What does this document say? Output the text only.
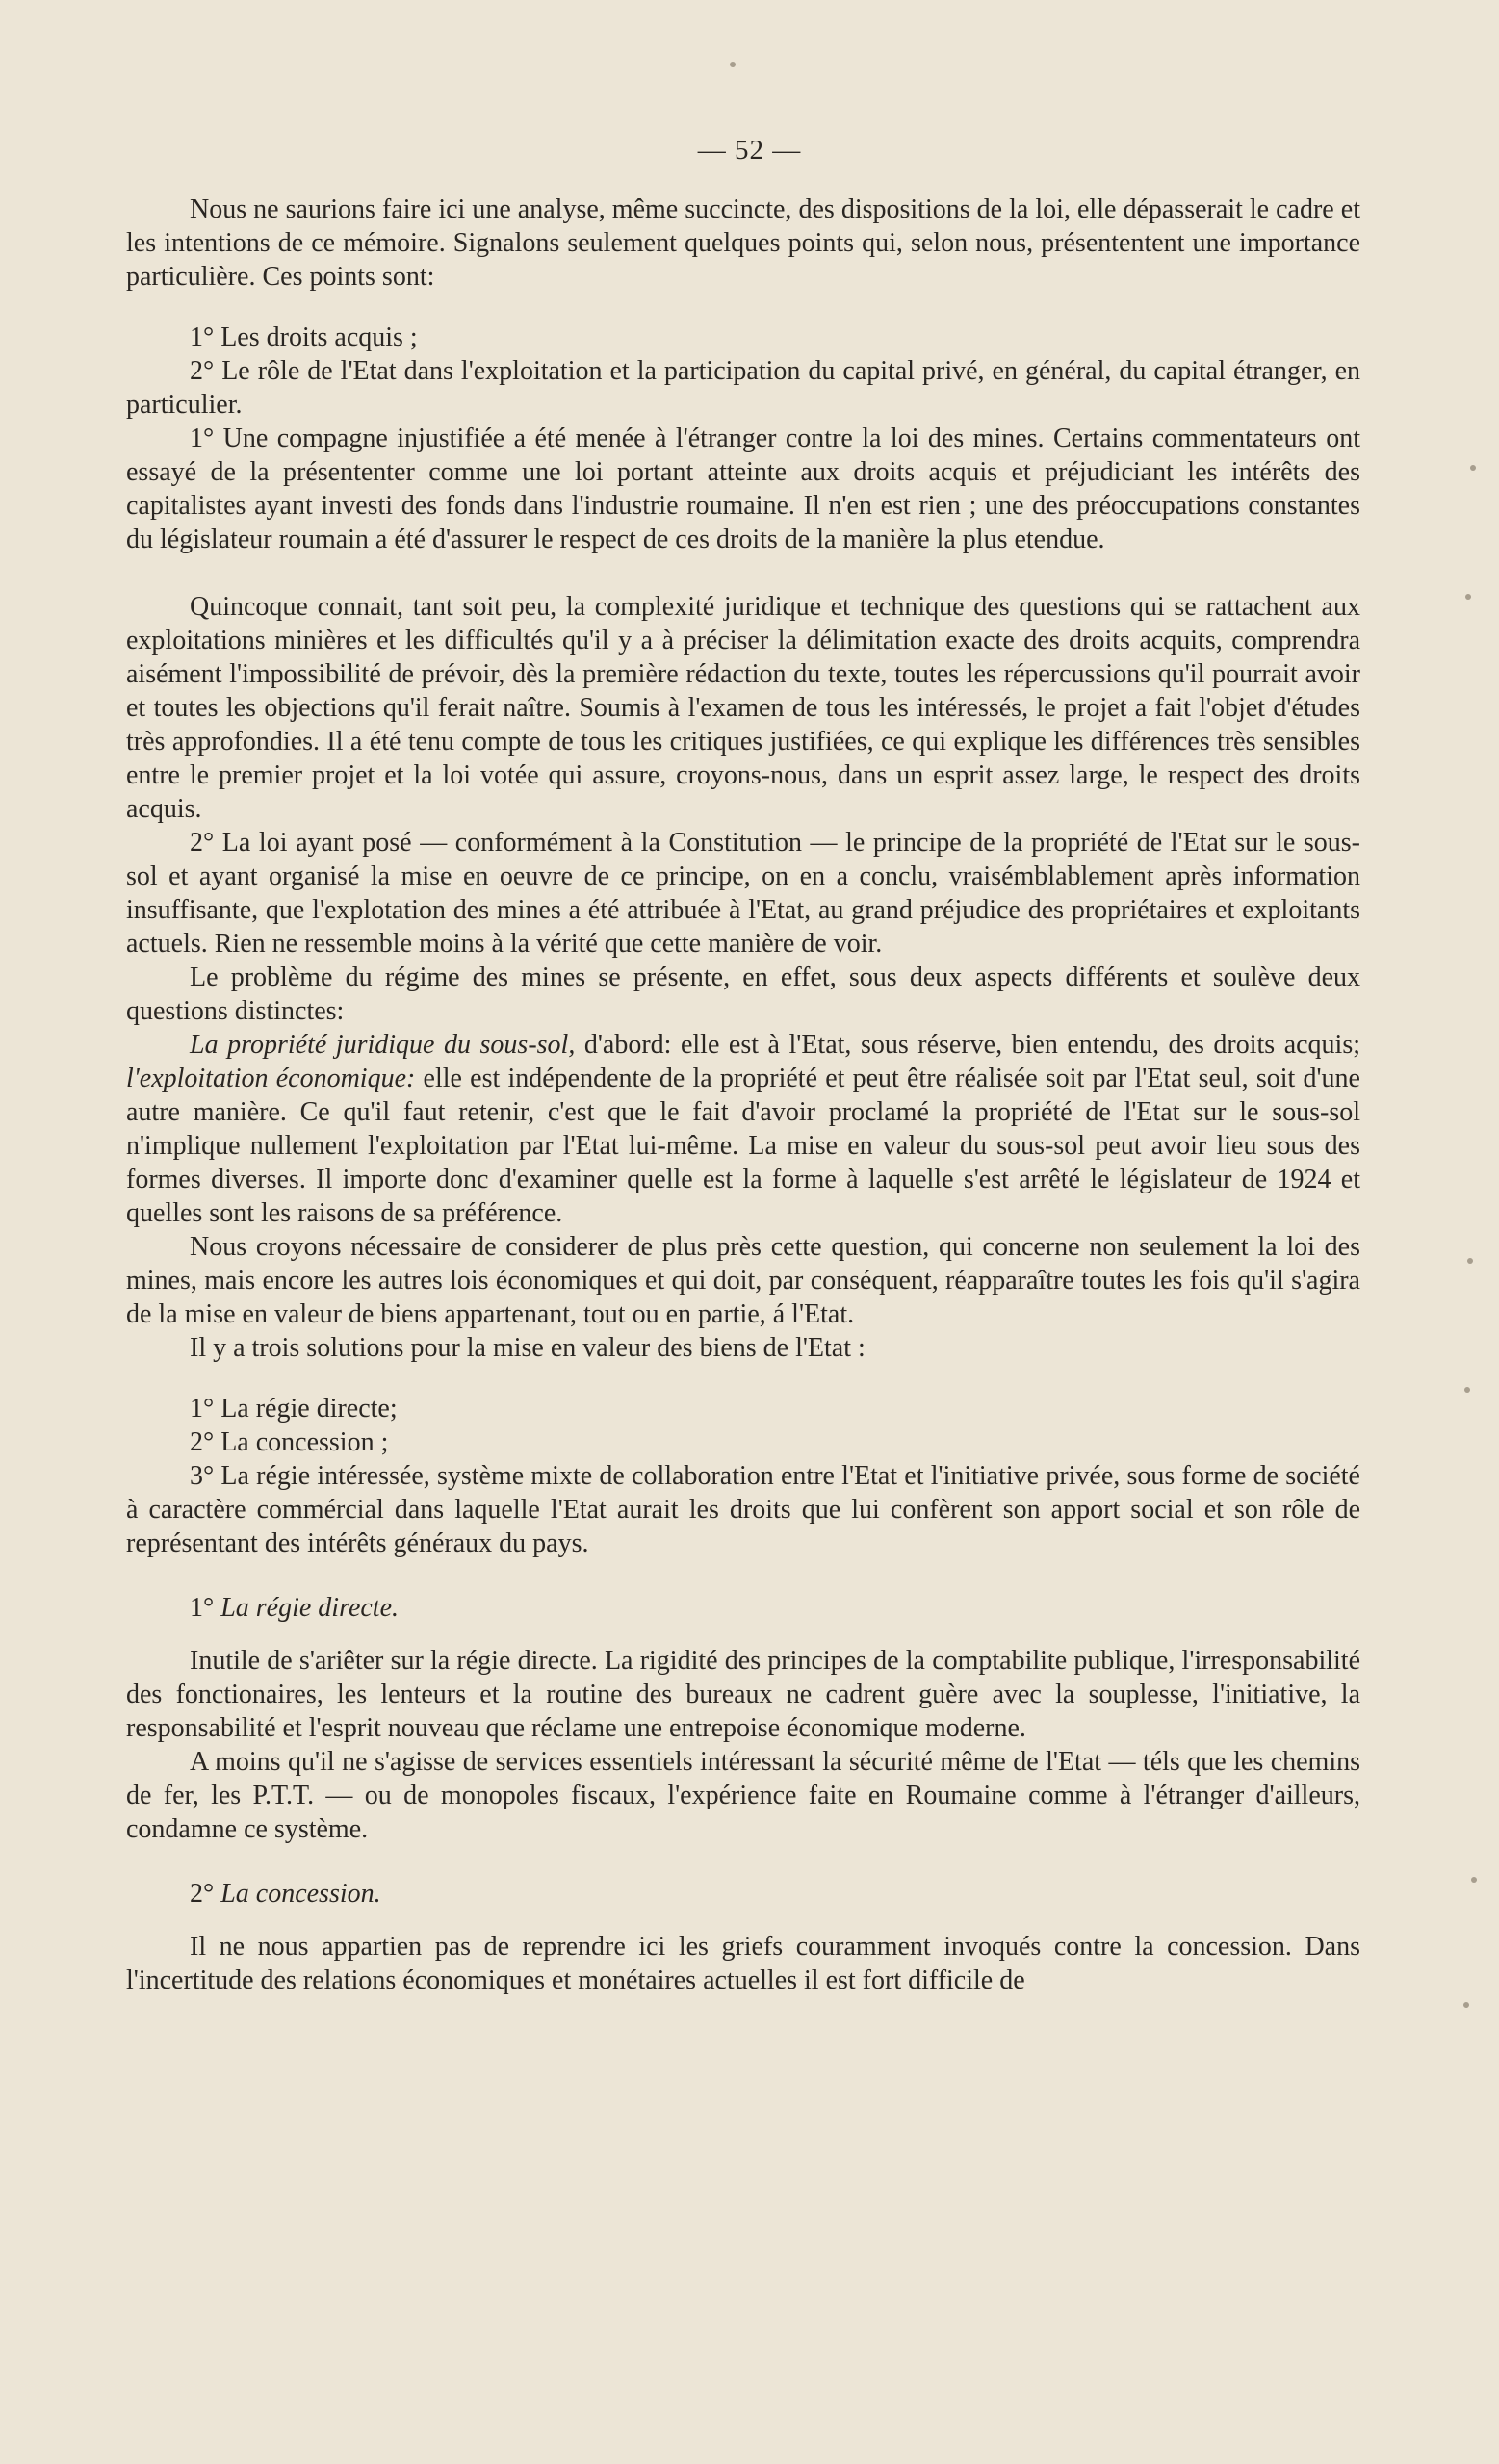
— 52 —

Nous ne saurions faire ici une analyse, même succincte, des dispositions de la loi, elle dépasserait le cadre et les intentions de ce mémoire. Signalons seulement quelques points qui, selon nous, présententent une importance particulière. Ces points sont:

1° Les droits acquis ;

2° Le rôle de l'Etat dans l'exploitation et la participation du capital privé, en général, du capital étranger, en particulier.

1° Une compagne injustifiée a été menée à l'étranger contre la loi des mines. Certains commentateurs ont essayé de la présententer comme une loi portant atteinte aux droits acquis et préjudiciant les intérêts des capitalistes ayant investi des fonds dans l'industrie roumaine. Il n'en est rien ; une des préoccupations constantes du législateur roumain a été d'assurer le respect de ces droits de la manière la plus etendue.

Quincoque connait, tant soit peu, la complexité juridique et technique des questions qui se rattachent aux exploitations minières et les difficultés qu'il y a à préciser la délimitation exacte des droits acquits, comprendra aisément l'impossibilité de prévoir, dès la première rédaction du texte, toutes les répercussions qu'il pourrait avoir et toutes les objections qu'il ferait naître. Soumis à l'examen de tous les intéressés, le projet a fait l'objet d'études très approfondies. Il a été tenu compte de tous les critiques justifiées, ce qui explique les différences très sensibles entre le premier projet et la loi votée qui assure, croyons-nous, dans un esprit assez large, le respect des droits acquis.

2° La loi ayant posé — conformément à la Constitution — le principe de la propriété de l'Etat sur le sous-sol et ayant organisé la mise en oeuvre de ce principe, on en a conclu, vraisémblablement après information insuffisante, que l'explotation des mines a été attribuée à l'Etat, au grand préjudice des propriétaires et exploitants actuels. Rien ne ressemble moins à la vérité que cette manière de voir.

Le problème du régime des mines se présente, en effet, sous deux aspects différents et soulève deux questions distinctes:

La propriété juridique du sous-sol, d'abord: elle est à l'Etat, sous réserve, bien entendu, des droits acquis; l'exploitation économique: elle est indépendente de la propriété et peut être réalisée soit par l'Etat seul, soit d'une autre manière. Ce qu'il faut retenir, c'est que le fait d'avoir proclamé la propriété de l'Etat sur le sous-sol n'implique nullement l'exploitation par l'Etat lui-même. La mise en valeur du sous-sol peut avoir lieu sous des formes diverses. Il importe donc d'examiner quelle est la forme à laquelle s'est arrêté le législateur de 1924 et quelles sont les raisons de sa préférence.

Nous croyons nécessaire de considerer de plus près cette question, qui concerne non seulement la loi des mines, mais encore les autres lois économiques et qui doit, par conséquent, réapparaître toutes les fois qu'il s'agira de la mise en valeur de biens appartenant, tout ou en partie, á l'Etat.

Il y a trois solutions pour la mise en valeur des biens de l'Etat :

1° La régie directe;

2° La concession ;

3° La régie intéressée, système mixte de collaboration entre l'Etat et l'initiative privée, sous forme de société à caractère commércial dans laquelle l'Etat aurait les droits que lui confèrent son apport social et son rôle de représentant des intérêts généraux du pays.

1° La régie directe.

Inutile de s'ariêter sur la régie directe. La rigidité des principes de la comptabilite publique, l'irresponsabilité des fonctionaires, les lenteurs et la routine des bureaux ne cadrent guère avec la souplesse, l'initiative, la responsabilité et l'esprit nouveau que réclame une entrepoise économique moderne.

A moins qu'il ne s'agisse de services essentiels intéressant la sécurité même de l'Etat — téls que les chemins de fer, les P.T.T. — ou de monopoles fiscaux, l'expérience faite en Roumaine comme à l'étranger d'ailleurs, condamne ce système.

2° La concession.

Il ne nous appartien pas de reprendre ici les griefs couramment invoqués contre la concession. Dans l'incertitude des relations économiques et monétaires actuelles il est fort difficile de
